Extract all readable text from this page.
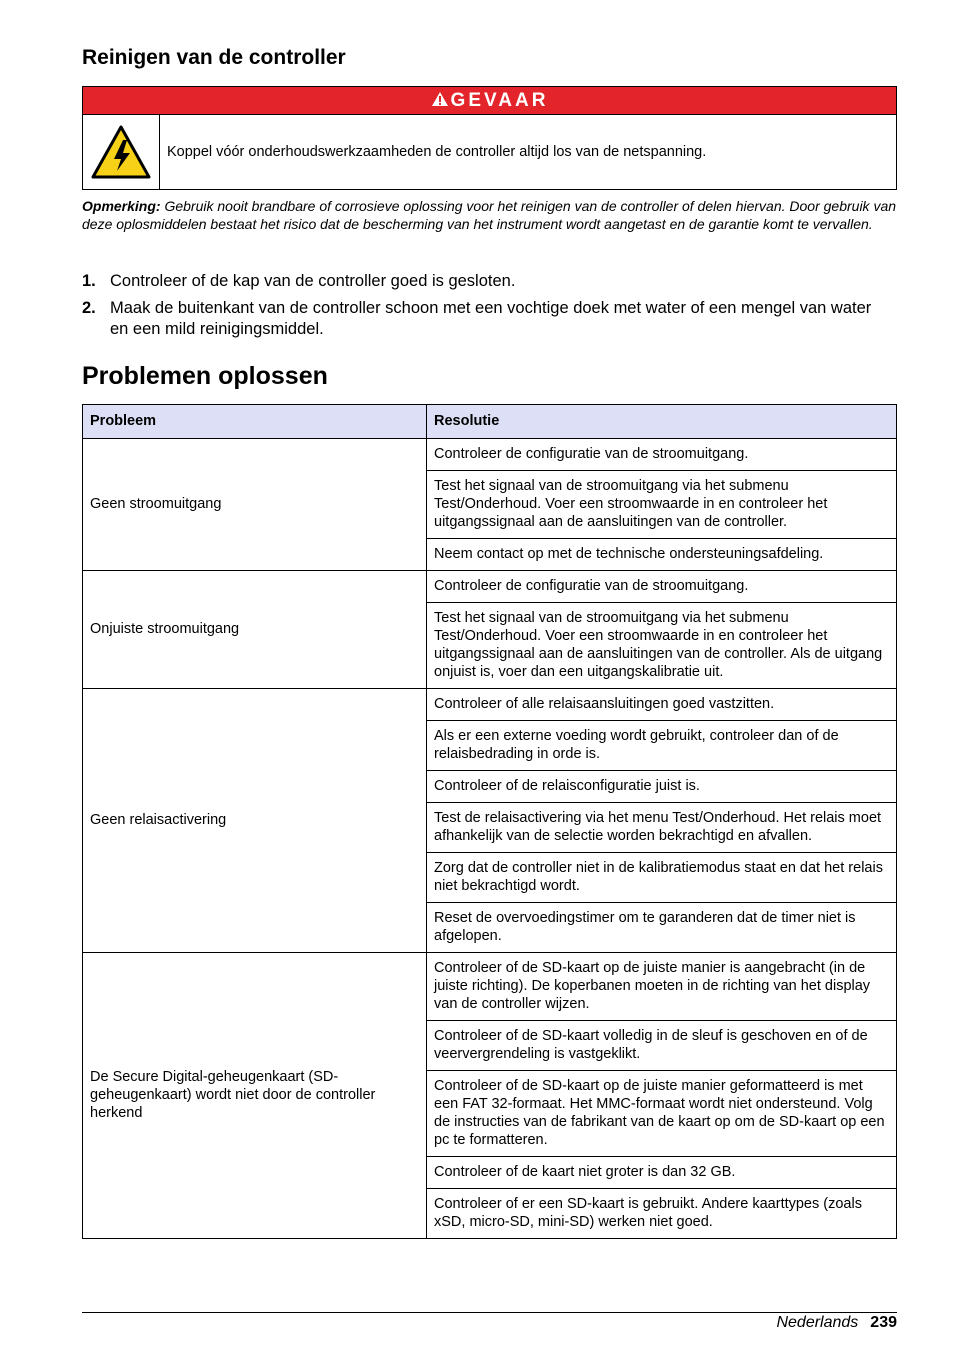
Reinigen van de controller
GEVAAR
Koppel vóór onderhoudswerkzaamheden de controller altijd los van de netspanning.
Opmerking: Gebruik nooit brandbare of corrosieve oplossing voor het reinigen van de controller of delen hiervan. Door gebruik van deze oplosmiddelen bestaat het risico dat de bescherming van het instrument wordt aangetast en de garantie komt te vervallen.
1. Controleer of de kap van de controller goed is gesloten.
2. Maak de buitenkant van de controller schoon met een vochtige doek met water of een mengel van water en een mild reinigingsmiddel.
Problemen oplossen
Probleem	Resolutie
Geen stroomuitgang	Controleer de configuratie van de stroomuitgang.
	Test het signaal van de stroomuitgang via het submenu Test/Onderhoud. Voer een stroomwaarde in en controleer het uitgangssignaal aan de aansluitingen van de controller.
	Neem contact op met de technische ondersteuningsafdeling.
Onjuiste stroomuitgang	Controleer de configuratie van de stroomuitgang.
	Test het signaal van de stroomuitgang via het submenu Test/Onderhoud. Voer een stroomwaarde in en controleer het uitgangssignaal aan de aansluitingen van de controller. Als de uitgang onjuist is, voer dan een uitgangskalibratie uit.
Geen relaisactivering	Controleer of alle relaisaansluitingen goed vastzitten.
	Als er een externe voeding wordt gebruikt, controleer dan of de relaisbedrading in orde is.
	Controleer of de relaisconfiguratie juist is.
	Test de relaisactivering via het menu Test/Onderhoud. Het relais moet afhankelijk van de selectie worden bekrachtigd en afvallen.
	Zorg dat de controller niet in de kalibratiemodus staat en dat het relais niet bekrachtigd wordt.
	Reset de overvoedingstimer om te garanderen dat de timer niet is afgelopen.
De Secure Digital-geheugenkaart (SD-geheugenkaart) wordt niet door de controller herkend	Controleer of de SD-kaart op de juiste manier is aangebracht (in de juiste richting). De koperbanen moeten in de richting van het display van de controller wijzen.
	Controleer of de SD-kaart volledig in de sleuf is geschoven en of de veervergrendeling is vastgeklikt.
	Controleer of de SD-kaart op de juiste manier geformatteerd is met een FAT 32-formaat. Het MMC-formaat wordt niet ondersteund. Volg de instructies van de fabrikant van de kaart op om de SD-kaart op een pc te formatteren.
	Controleer of de kaart niet groter is dan 32 GB.
	Controleer of er een SD-kaart is gebruikt. Andere kaarttypes (zoals xSD, micro-SD, mini-SD) werken niet goed.
Nederlands 239
